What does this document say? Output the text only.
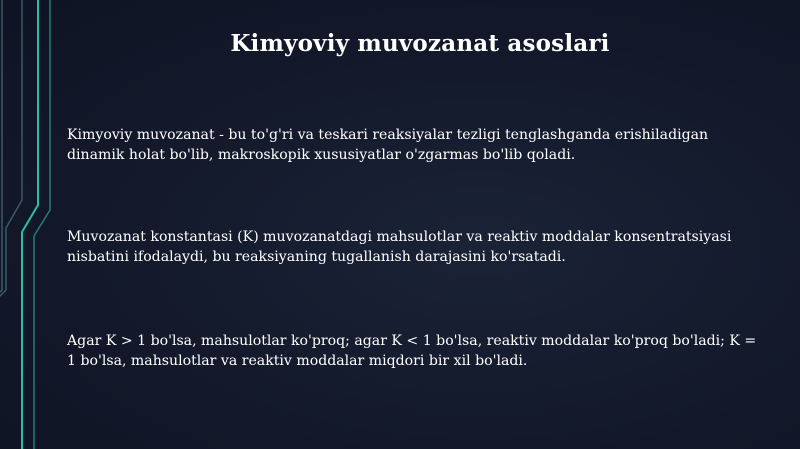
Kimyoviy muvozanat asoslari
Kimyoviy muvozanat - bu to'g'ri va teskari reaksiyalar tezligi tenglashganda erishiladigan dinamik holat bo'lib, makroskopik xususiyatlar o'zgarmas bo'lib qoladi.
Muvozanat konstantasi (K) muvozanatdagi mahsulotlar va reaktiv moddalar konsentratsiyasi nisbatini ifodalaydi, bu reaksiyaning tugallanish darajasini ko'rsatadi.
Agar K > 1 bo'lsa, mahsulotlar ko'proq; agar K < 1 bo'lsa, reaktiv moddalar ko'proq bo'ladi; K = 1 bo'lsa, mahsulotlar va reaktiv moddalar miqdori bir xil bo'ladi.
